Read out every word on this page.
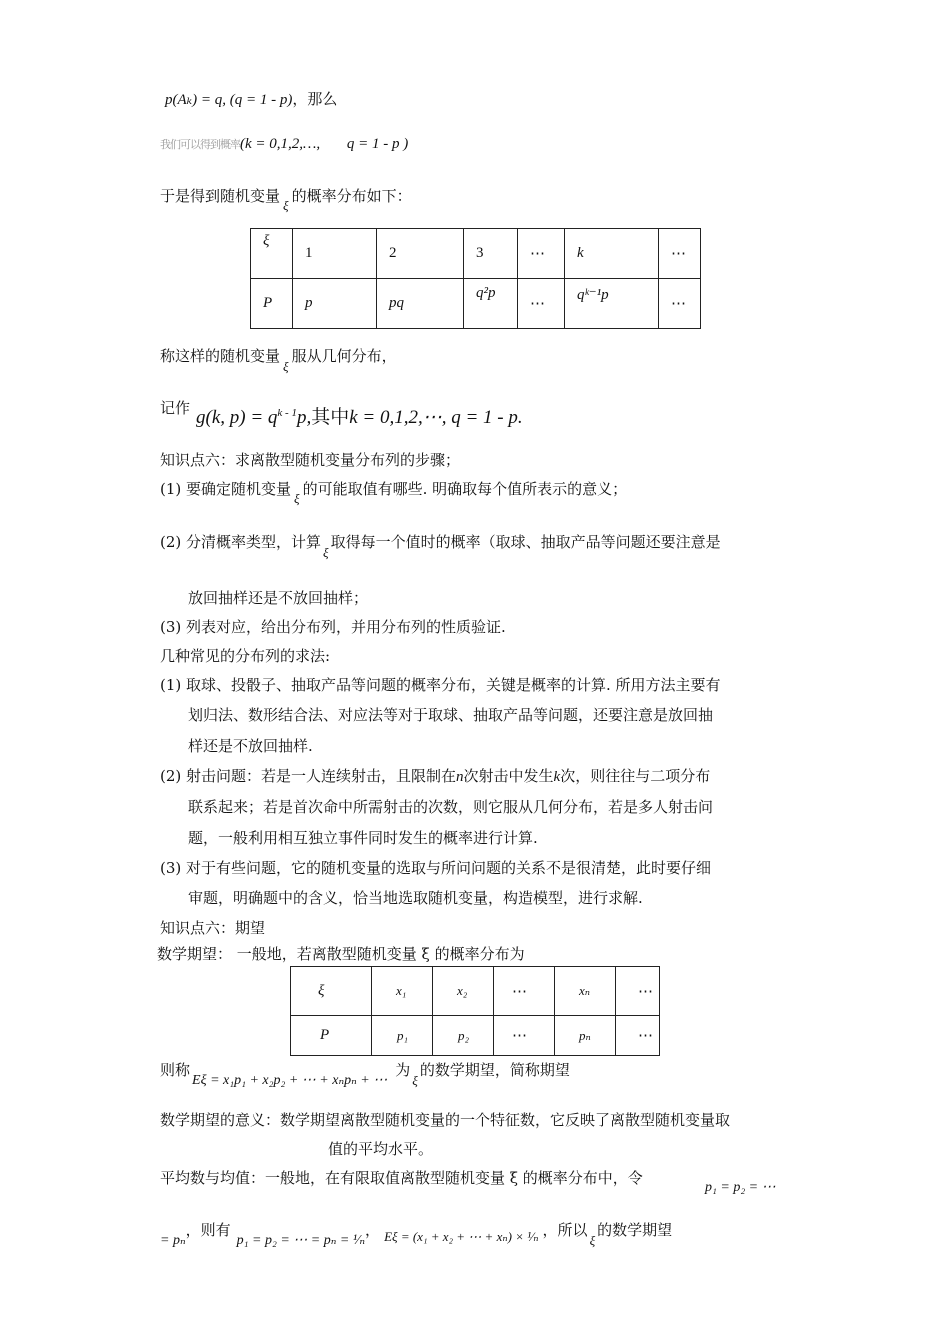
p(Aₖ) = q, (q = 1 - p)，那么
我们可以得到概率(k = 0,1,2,…, q = 1 - p )
于是得到随机变量ξ的概率分布如下：
ξ	1	2	3	⋯	k	⋯
P	p	pq	q²p	⋯	qᵏ⁻¹p	⋯
称这样的随机变量ξ服从几何分布，
记作 g(k, $p) = q^{k - 1}p$,其中k = 0,1,2,⋯, q = 1 - p.
知识点六：求离散型随机变量分布列的步骤；
(1) 要确定随机变量ξ的可能取值有哪些. 明确取每个值所表示的意义；
(2) 分清概率类型，计算ξ取得每一个值时的概率（取球、抽取产品等问题还要注意是
放回抽样还是不放回抽样；
(3) 列表对应，给出分布列，并用分布列的性质验证.
几种常见的分布列的求法:
(1) 取球、投骰子、抽取产品等问题的概率分布，关键是概率的计算. 所用方法主要有
划归法、数形结合法、对应法等对于取球、抽取产品等问题，还要注意是放回抽
样还是不放回抽样.
(2) 射击问题：若是一人连续射击，且限制在n次射击中发生k次，则往往与二项分布
联系起来；若是首次命中所需射击的次数，则它服从几何分布，若是多人射击问
题，一般利用相互独立事件同时发生的概率进行计算.
(3) 对于有些问题，它的随机变量的选取与所问问题的关系不是很清楚，此时要仔细
审题，明确题中的含义，恰当地选取随机变量，构造模型，进行求解.
知识点六：期望
数学期望： 一般地，若离散型随机变量 ξ 的概率分布为
ξ	x₁	x₂	⋯	xₙ	⋯
P	p₁	p₂	⋯	pₙ	⋯
则称Eξ = x₁p₁ + x₂p₂ + ⋯ + xₙpₙ + ⋯为ξ的数学期望，简称期望
数学期望的意义：数学期望离散型随机变量的一个特征数，它反映了离散型随机变量取
值的平均水平。
平均数与均值：一般地，在有限取值离散型随机变量 ξ 的概率分布中，令
p₁ = p₂ = ⋯
= pₙ，则有p₁ = p₂ = ⋯ = pₙ = ¹⁄ₙ， Eξ = (x₁ + x₂ + ⋯ + xₙ) × ¹⁄ₙ ，所以ξ的数学期望
